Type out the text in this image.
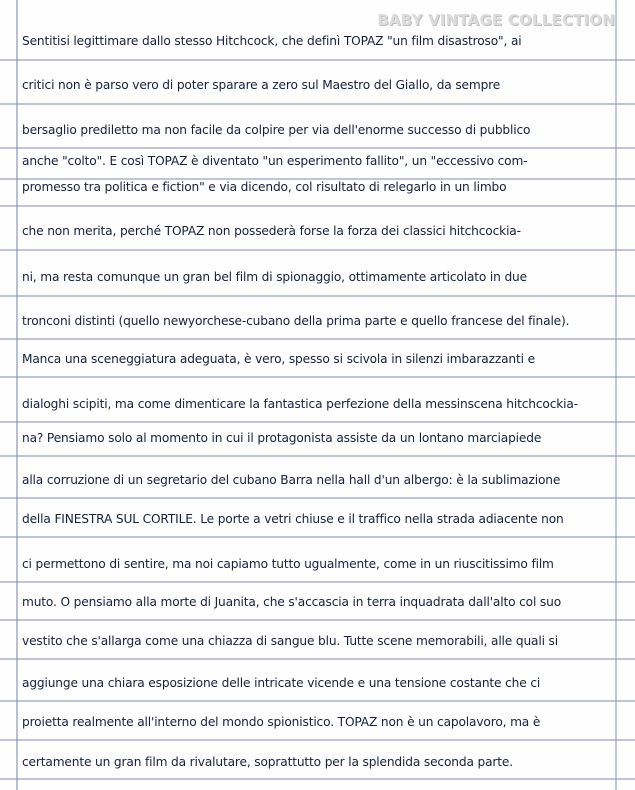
BABY VINTAGE COLLECTION
Sentitisi legittimare dallo stesso Hitchcock, che definì TOPAZ "un film disastroso", ai
critici non è parso vero di poter sparare a zero sul Maestro del Giallo, da sempre
bersaglio prediletto ma non facile da colpire per via dell'enorme successo di pubblico
anche "colto". E così TOPAZ è diventato "un esperimento fallito", un "eccessivo com-
promesso tra politica e fiction" e via dicendo, col risultato di relegarlo in un limbo
che non merita, perché TOPAZ non possederà forse la forza dei classici hitchcockia-
ni, ma resta comunque un gran bel film di spionaggio, ottimamente articolato in due
tronconi distinti (quello newyorchese-cubano della prima parte e quello francese del finale).
Manca una sceneggiatura adeguata, è vero, spesso si scivola in silenzi imbarazzanti e
dialoghi scipiti, ma come dimenticare la fantastica perfezione della messinscena hitchcockia-
na? Pensiamo solo al momento in cui il protagonista assiste da un lontano marciapiede
alla corruzione di un segretario del cubano Barra nella hall d'un albergo: è la sublimazione
della FINESTRA SUL CORTILE. Le porte a vetri chiuse e il traffico nella strada adiacente non
ci permettono di sentire, ma noi capiamo tutto ugualmente, come in un riuscitissimo film
muto. O pensiamo alla morte di Juanita, che s'accascia in terra inquadrata dall'alto col suo
vestito che s'allarga come una chiazza di sangue blu. Tutte scene memorabili, alle quali si
aggiunge una chiara esposizione delle intricate vicende e una tensione costante che ci
proietta realmente all'interno del mondo spionistico. TOPAZ non è un capolavoro, ma è
certamente un gran film da rivalutare, soprattutto per la splendida seconda parte.
